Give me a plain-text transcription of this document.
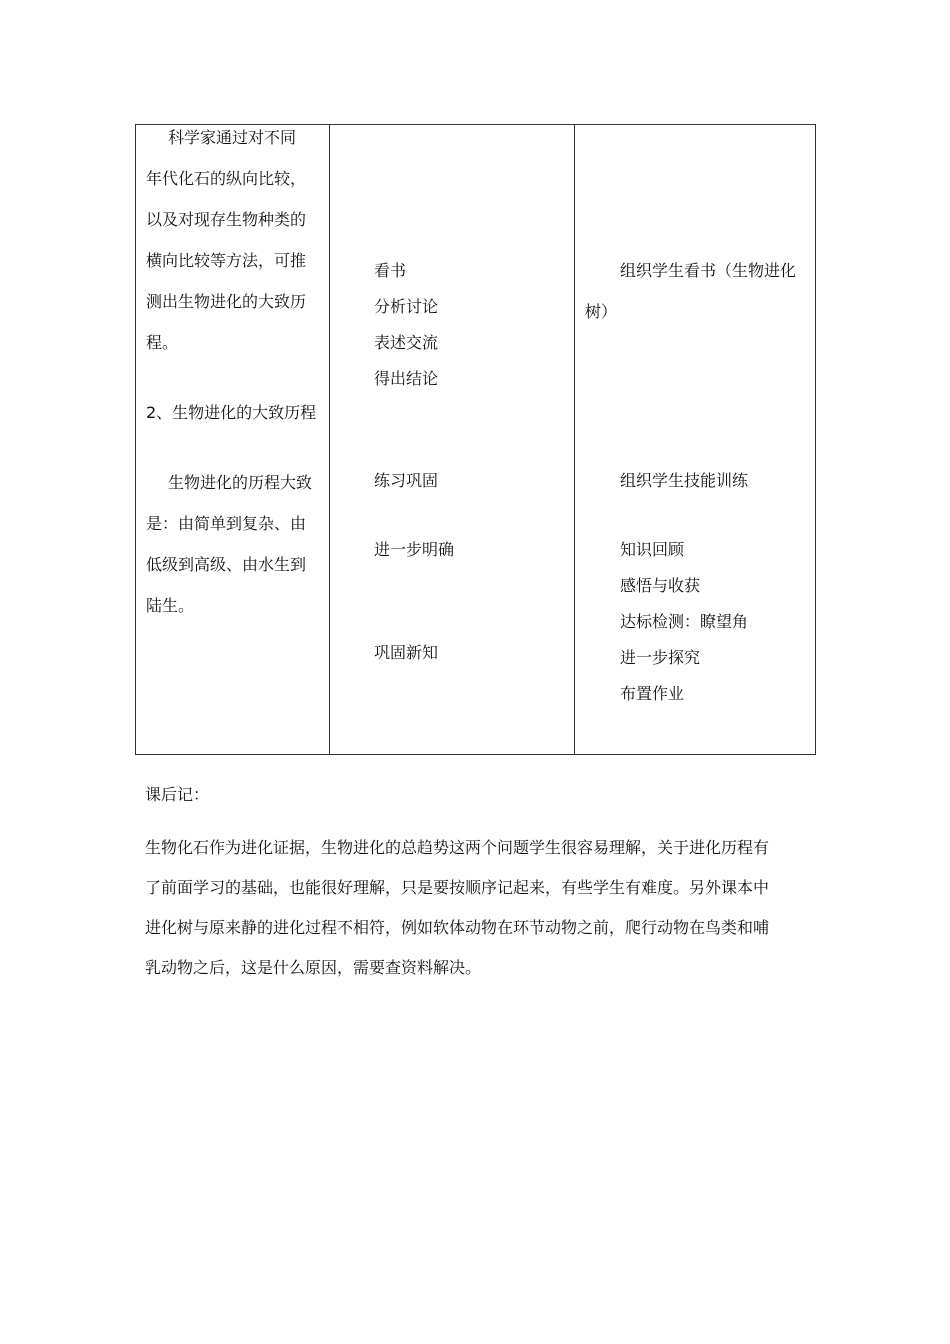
科学家通过对不同
年代化石的纵向比较，
以及对现存生物种类的
横向比较等方法，可推
测出生物进化的大致历
程。
2、生物进化的大致历程
生物进化的历程大致
是：由简单到复杂、由
低级到高级、由水生到
陆生。
看书
分析讨论
表述交流
得出结论
练习巩固
进一步明确
巩固新知
组织学生看书（生物进化
树）
组织学生技能训练
知识回顾
感悟与收获
达标检测：瞭望角
进一步探究
布置作业
课后记：
生物化石作为进化证据，生物进化的总趋势这两个问题学生很容易理解，关于进化历程有
了前面学习的基础，也能很好理解，只是要按顺序记起来，有些学生有难度。另外课本中
进化树与原来静的进化过程不相符，例如软体动物在环节动物之前，爬行动物在鸟类和哺
乳动物之后，这是什么原因，需要查资料解决。
